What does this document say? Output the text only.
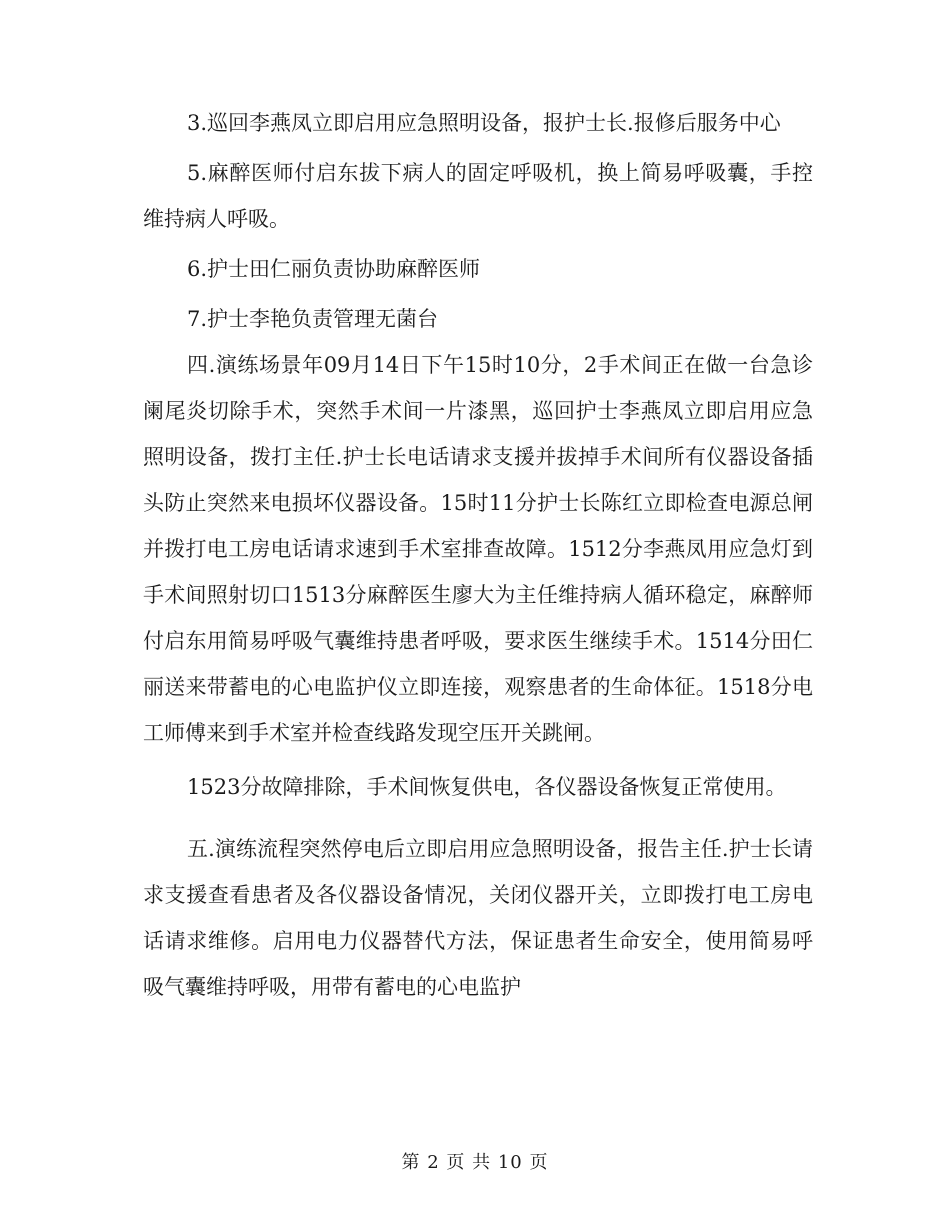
3.巡回李燕凤立即启用应急照明设备，报护士长.报修后服务中心

5.麻醉医师付启东拔下病人的固定呼吸机，换上简易呼吸囊，手控维持病人呼吸。

6.护士田仁丽负责协助麻醉医师

7.护士李艳负责管理无菌台

四.演练场景年09月14日下午15时10分，2手术间正在做一台急诊阑尾炎切除手术，突然手术间一片漆黑，巡回护士李燕凤立即启用应急照明设备，拨打主任.护士长电话请求支援并拔掉手术间所有仪器设备插头防止突然来电损坏仪器设备。15时11分护士长陈红立即检查电源总闸并拨打电工房电话请求速到手术室排查故障。1512分李燕凤用应急灯到手术间照射切口1513分麻醉医生廖大为主任维持病人循环稳定，麻醉师付启东用简易呼吸气囊维持患者呼吸，要求医生继续手术。1514分田仁丽送来带蓄电的心电监护仪立即连接，观察患者的生命体征。1518分电工师傅来到手术室并检查线路发现空压开关跳闸。

1523分故障排除，手术间恢复供电，各仪器设备恢复正常使用。

五.演练流程突然停电后立即启用应急照明设备，报告主任.护士长请求支援查看患者及各仪器设备情况，关闭仪器开关，立即拨打电工房电话请求维修。启用电力仪器替代方法，保证患者生命安全，使用简易呼吸气囊维持呼吸，用带有蓄电的心电监护

第 2 页 共 10 页
